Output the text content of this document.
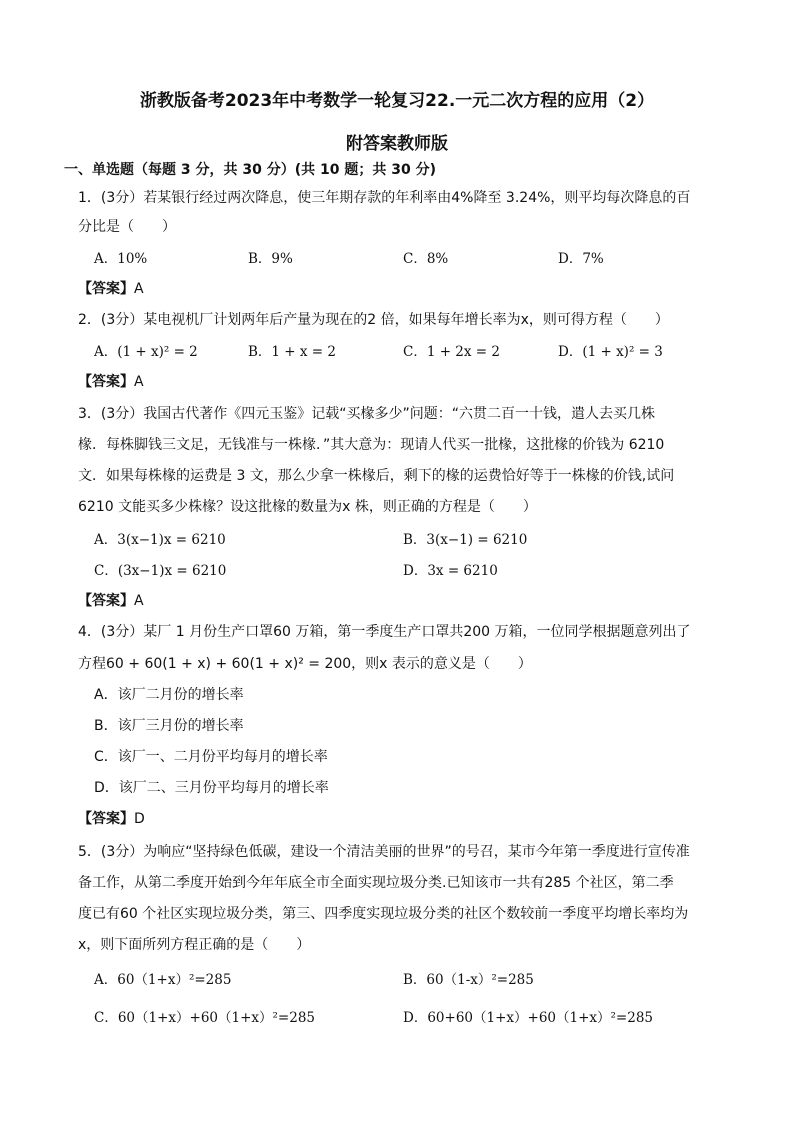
浙教版备考2023年中考数学一轮复习22.一元二次方程的应用（2）
附答案教师版
一、单选题（每题 3 分，共 30 分）(共 10 题；共 30 分)
1．(3分）若某银行经过两次降息，使三年期存款的年利率由4%降至 3.24%，则平均每次降息的百
分比是（　　）
A．10%	B．9%	C．8%	D．7%
【答案】A
2．(3分）某电视机厂计划两年后产量为现在的2 倍，如果每年增长率为x，则可得方程（　　）
A．(1 + x)² = 2	B．1 + x = 2	C．1 + 2x = 2	D．(1 + x)² = 3
【答案】A
3．(3分）我国古代著作《四元玉鉴》记载“买椽多少”问题：“六贯二百一十钱，遣人去买几株
椽．每株脚钱三文足，无钱准与一株椽．”其大意为：现请人代买一批椽，这批椽的价钱为 6210
文．如果每株椽的运费是 3 文，那么少拿一株椽后，剩下的椽的运费恰好等于一株椽的价钱,试问
6210 文能买多少株椽？设这批椽的数量为x 株，则正确的方程是（　　）
A．3(x−1)x = 6210	B．3(x−1) = 6210
C．(3x−1)x = 6210	D．3x = 6210
【答案】A
4．(3分）某厂 1 月份生产口罩60 万箱，第一季度生产口罩共200 万箱，一位同学根据题意列出了
方程60 + 60(1 + x) + 60(1 + x)² = 200，则x 表示的意义是（　　）
A．该厂二月份的增长率
B．该厂三月份的增长率
C．该厂一、二月份平均每月的增长率
D．该厂二、三月份平均每月的增长率
【答案】D
5．(3分）为响应“坚持绿色低碳，建设一个清洁美丽的世界”的号召，某市今年第一季度进行宣传准
备工作，从第二季度开始到今年年底全市全面实现垃圾分类.已知该市一共有285 个社区，第二季
度已有60 个社区实现垃圾分类，第三、四季度实现垃圾分类的社区个数较前一季度平均增长率均为
x，则下面所列方程正确的是（　　）
A．60（1+x）²=285	B．60（1-x）²=285
C．60（1+x）+60（1+x）²=285	D．60+60（1+x）+60（1+x）²=285
